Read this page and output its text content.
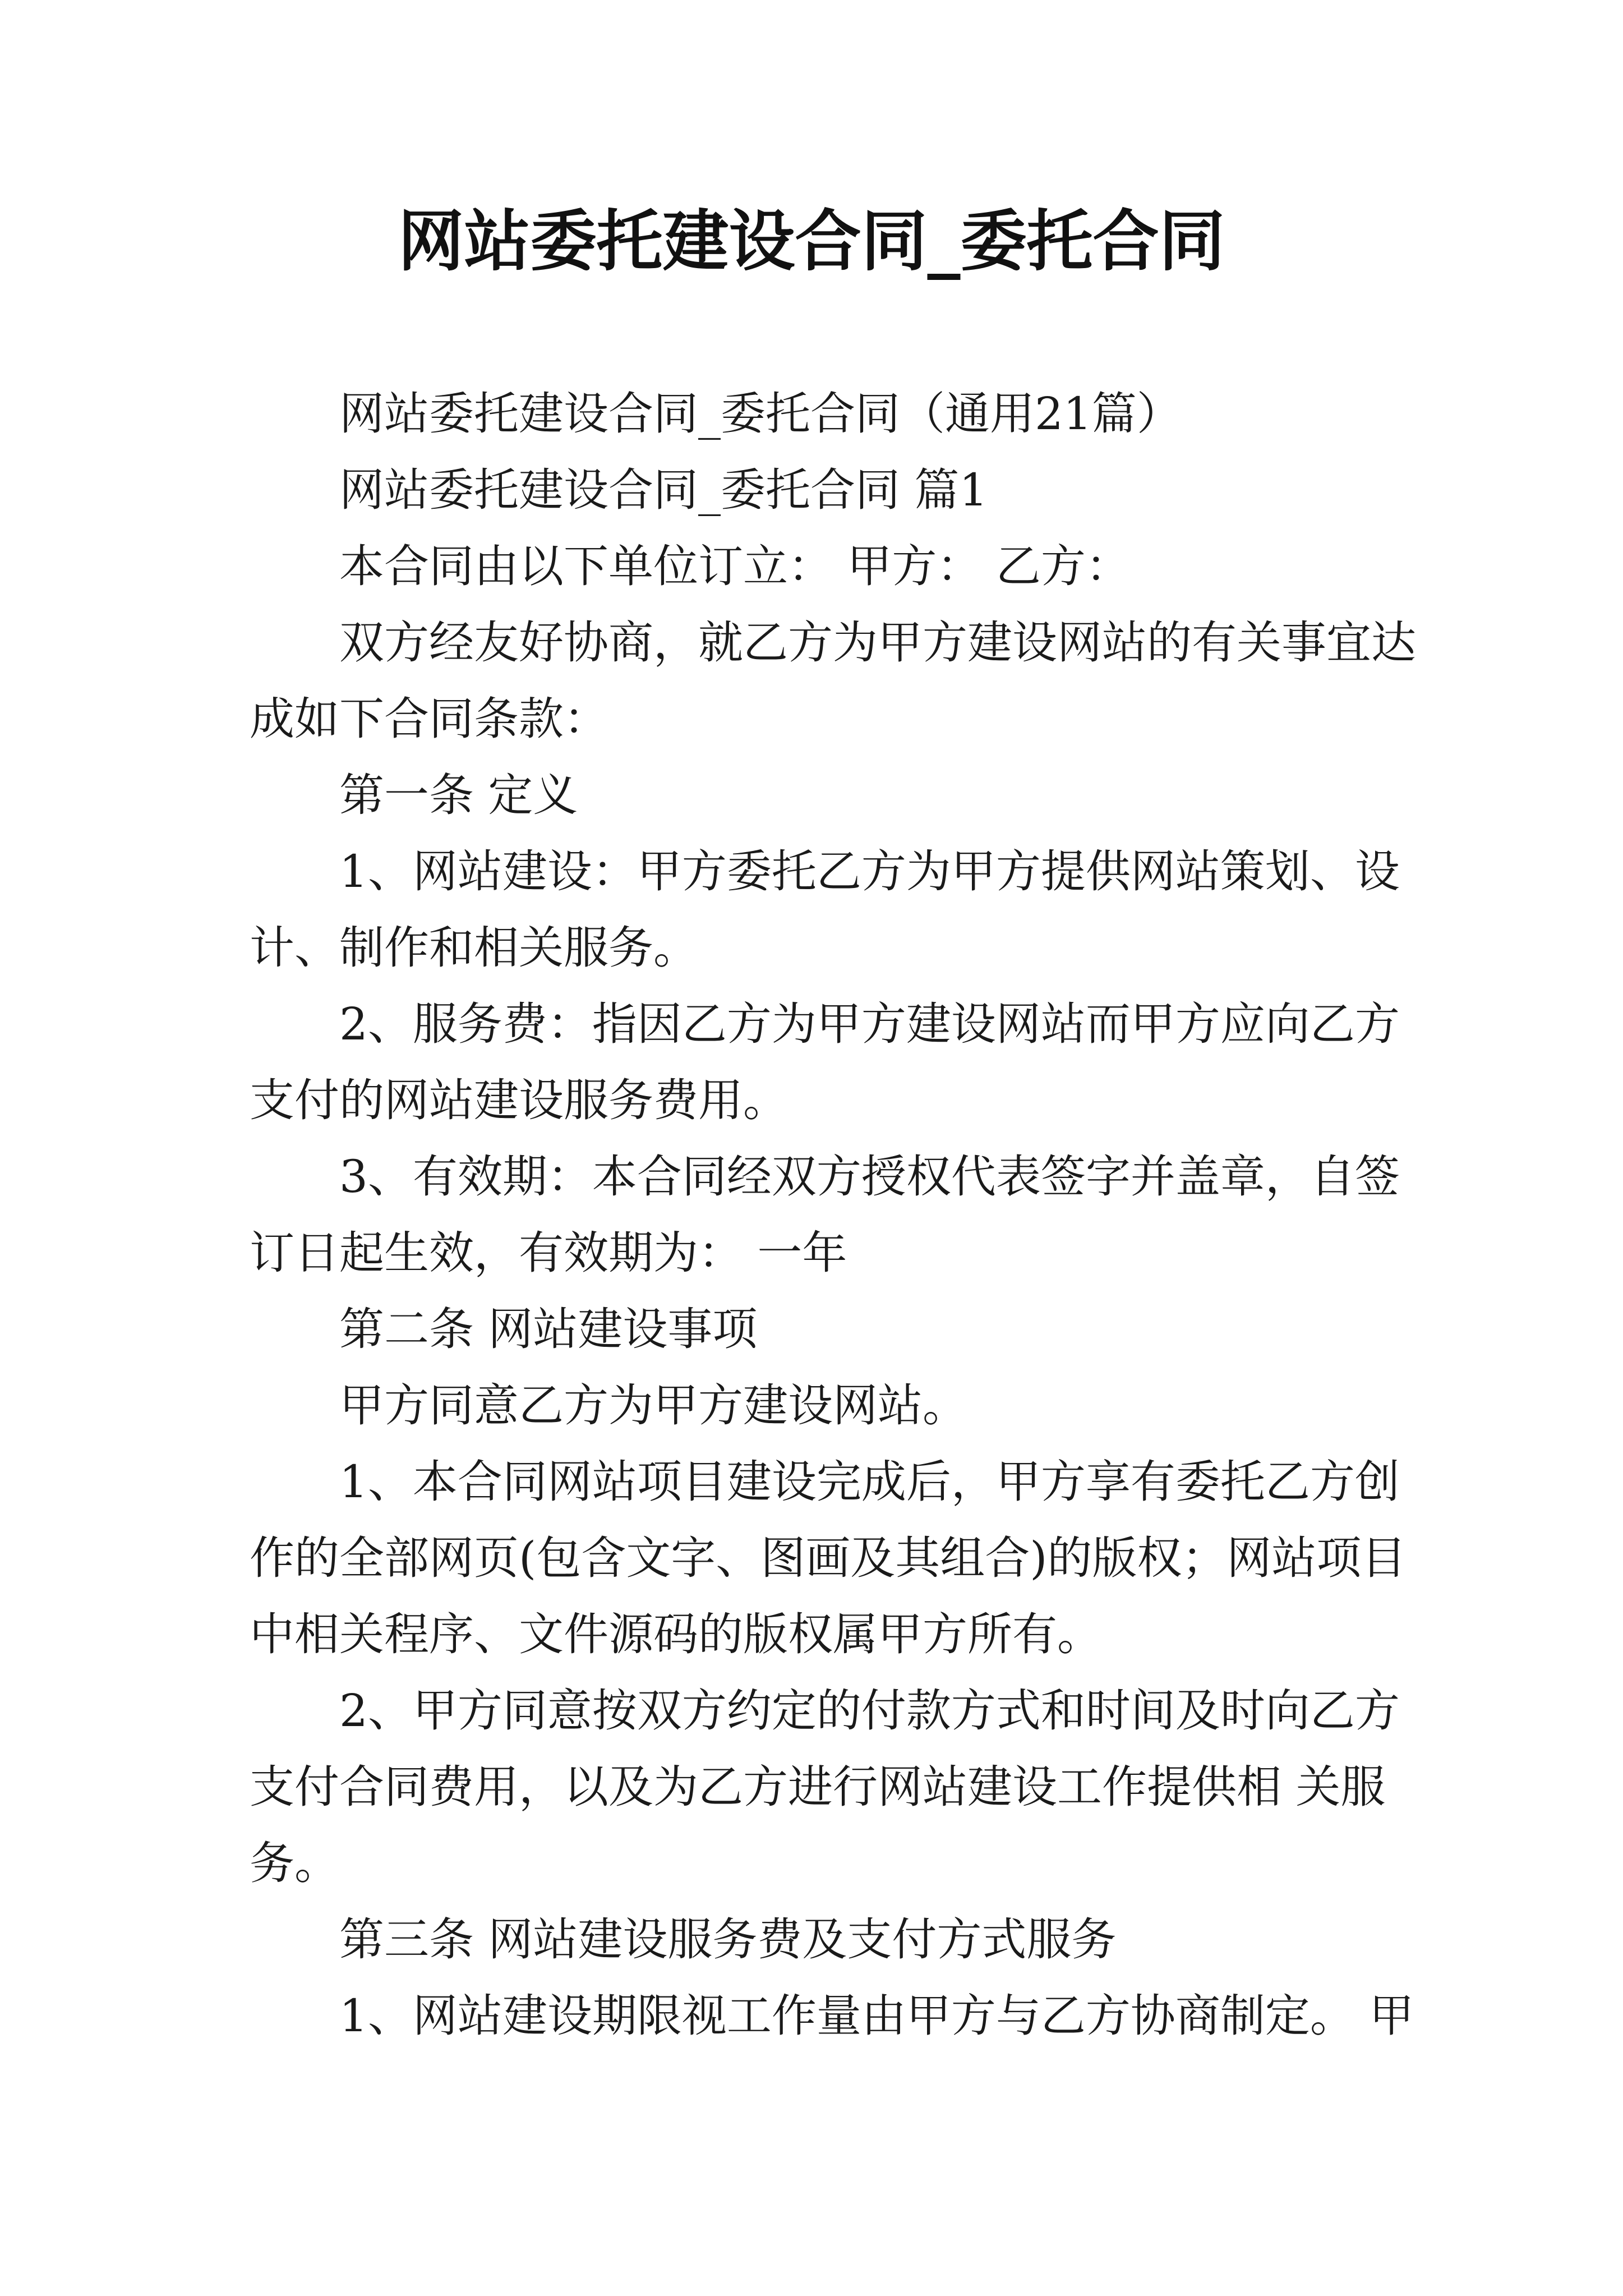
网站委托建设合同_委托合同
网站委托建设合同_委托合同（通用21篇）
网站委托建设合同_委托合同 篇1
本合同由以下单位订立： 甲方： 乙方：
双方经友好协商，就乙方为甲方建设网站的有关事宜达
成如下合同条款：
第一条 定义
1、网站建设：甲方委托乙方为甲方提供网站策划、设
计、制作和相关服务。
2、服务费：指因乙方为甲方建设网站而甲方应向乙方
支付的网站建设服务费用。
3、有效期：本合同经双方授权代表签字并盖章，自签
订日起生效，有效期为： 一年
第二条 网站建设事项
甲方同意乙方为甲方建设网站。
1、本合同网站项目建设完成后，甲方享有委托乙方创
作的全部网页(包含文字、图画及其组合)的版权；网站项目
中相关程序、文件源码的版权属甲方所有。
2、甲方同意按双方约定的付款方式和时间及时向乙方
支付合同费用，以及为乙方进行网站建设工作提供相 关服
务。
第三条 网站建设服务费及支付方式服务
1、网站建设期限视工作量由甲方与乙方协商制定。 甲
